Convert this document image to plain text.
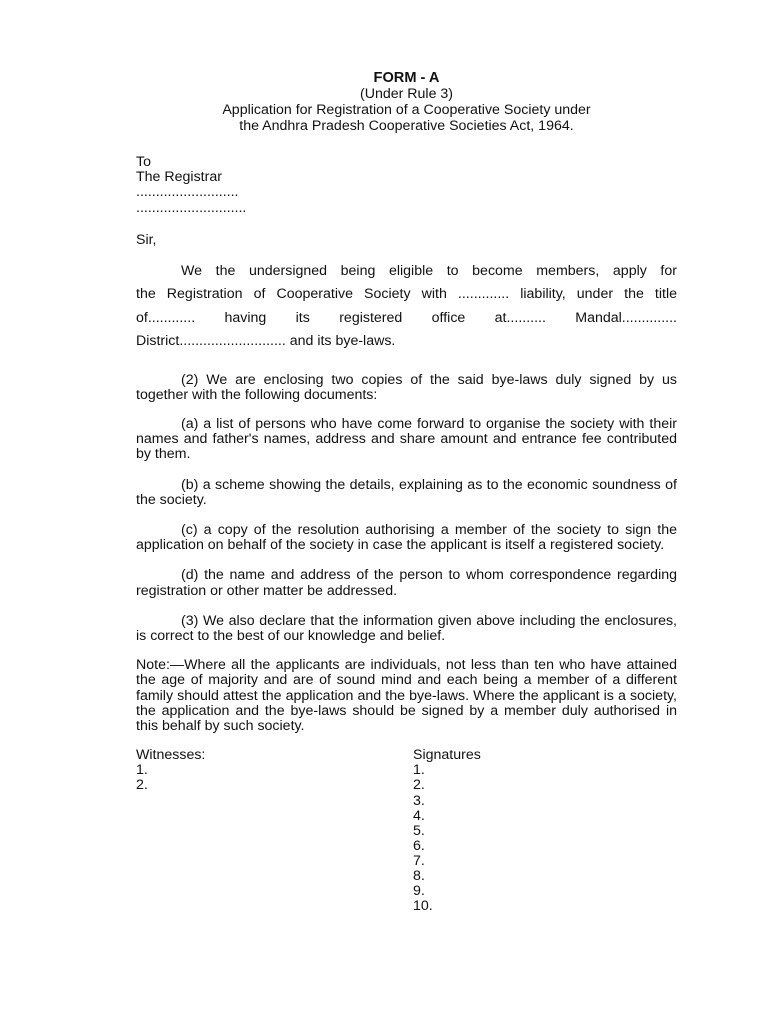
FORM - A
(Under Rule 3)
Application for Registration of a Cooperative Society under
the Andhra Pradesh Cooperative Societies Act, 1964.
To
The Registrar
..........................
............................
Sir,
We the undersigned being eligible to become members, apply for
the Registration of Cooperative Society with ............. liability, under the title
of............ having its registered office at.......... Mandal..............
District........................... and its bye-laws.

(2) We are enclosing two copies of the said bye-laws duly signed by us together with the following documents:

(a) a list of persons who have come forward to organise the society with their names and father's names, address and share amount and entrance fee contributed by them.

(b) a scheme showing the details, explaining as to the economic soundness of the society.

(c) a copy of the resolution authorising a member of the society to sign the application on behalf of the society in case the applicant is itself a registered society.

(d) the name and address of the person to whom correspondence regarding registration or other matter be addressed.

(3) We also declare that the information given above including the enclosures, is correct to the best of our knowledge and belief.

Note:—Where all the applicants are individuals, not less than ten who have attained the age of majority and are of sound mind and each being a member of a different family should attest the application and the bye-laws. Where the applicant is a society, the application and the bye-laws should be signed by a member duly authorised in this behalf by such society.

Witnesses:
1.
2.
Signatures
1.
2.
3.
4.
5.
6.
7.
8.
9.
10.
